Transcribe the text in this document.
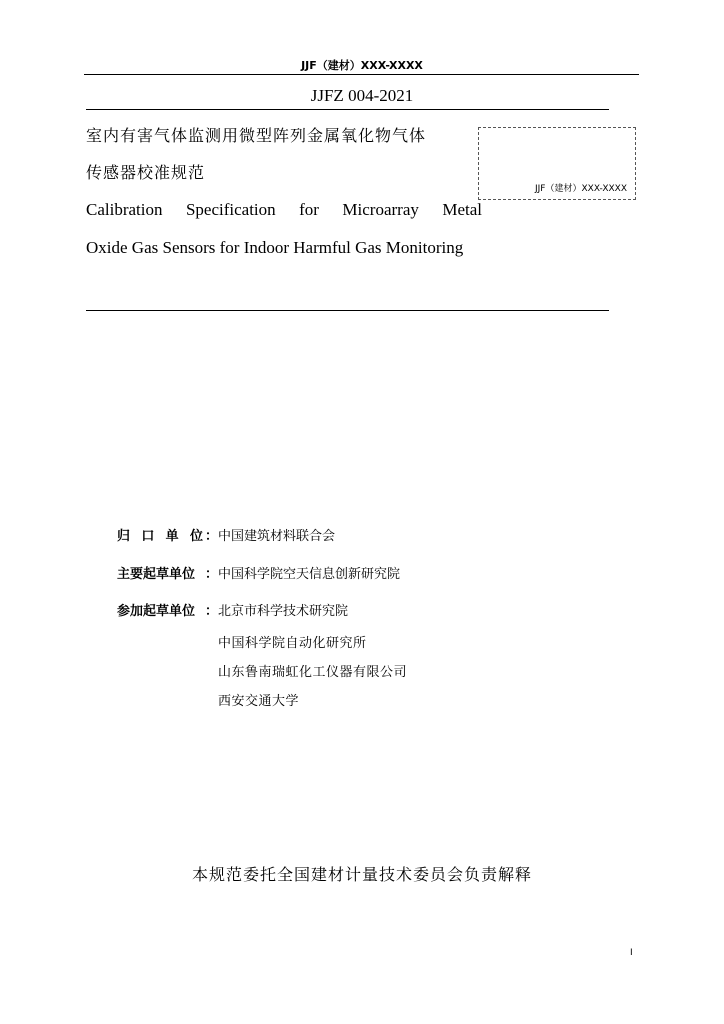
JJF（建材）XXX-XXXX
JJFZ 004-2021
室内有害气体监测用微型阵列金属氧化物气体
传感器校准规范
JJF（建材）XXX-XXXX
Calibration Specification for Microarray Metal
Oxide Gas Sensors for Indoor Harmful Gas Monitoring
归 口 单 位 ： 中国建筑材料联合会
主要起草单位 ： 中国科学院空天信息创新研究院
参加起草单位 ： 北京市科学技术研究院
中国科学院自动化研究所
山东鲁南瑞虹化工仪器有限公司
西安交通大学
本规范委托全国建材计量技术委员会负责解释
I
